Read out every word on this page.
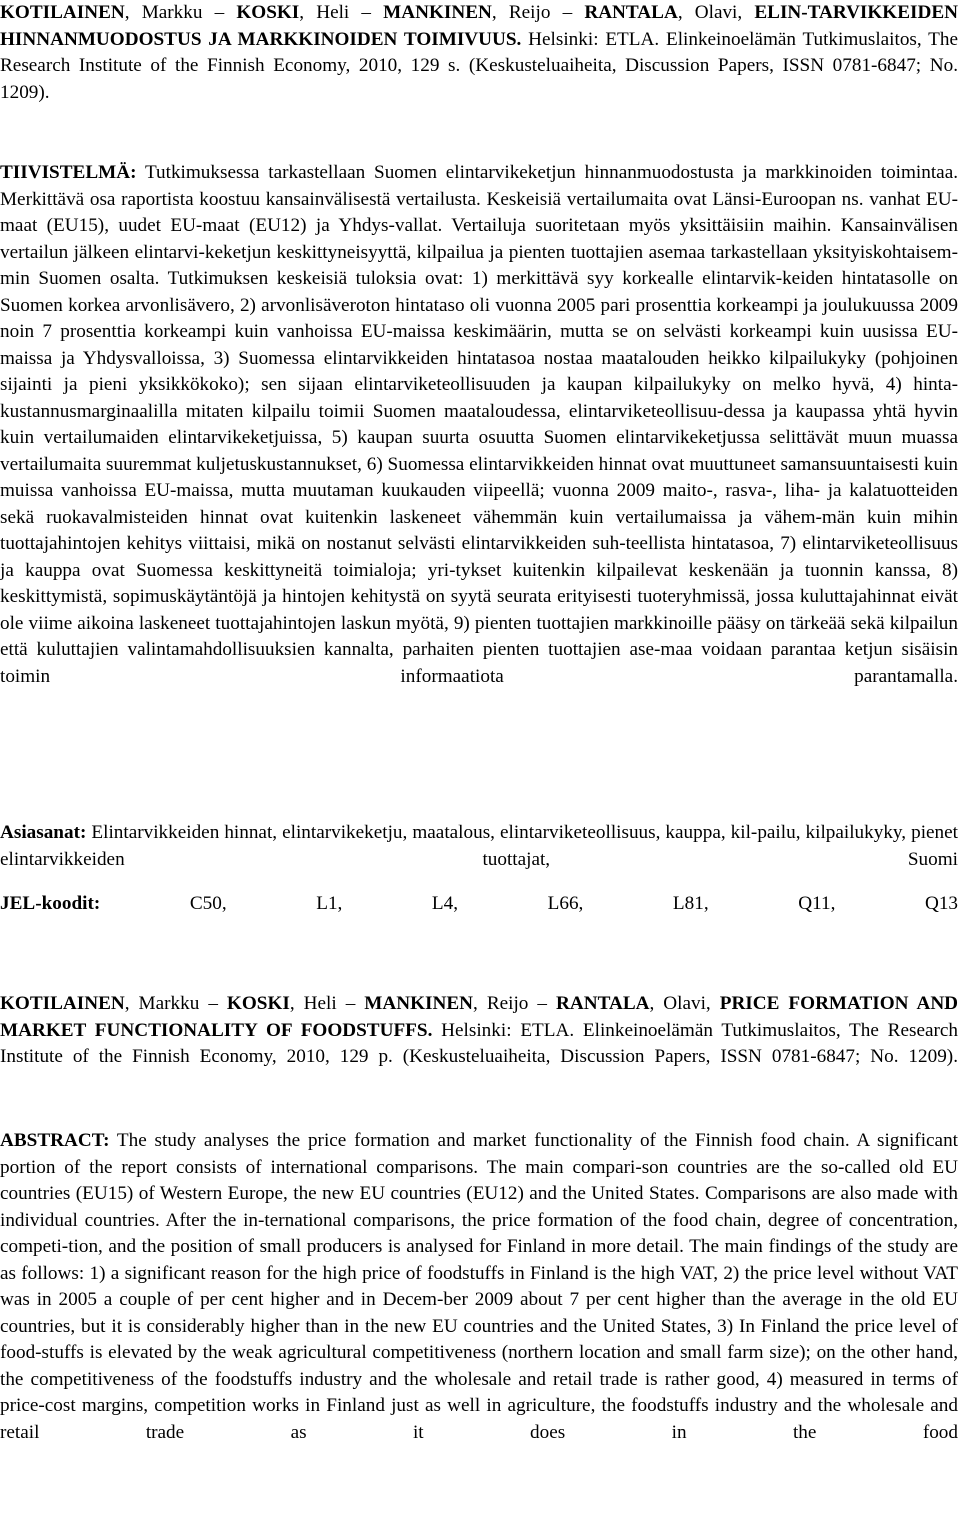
KOTILAINEN, Markku – KOSKI, Heli – MANKINEN, Reijo – RANTALA, Olavi, ELIN-TARVIKKEIDEN HINNANMUODOSTUS JA MARKKINOIDEN TOIMIVUUS. Helsinki: ETLA. Elinkeinoelämän Tutkimuslaitos, The Research Institute of the Finnish Economy, 2010, 129 s. (Keskusteluaiheita, Discussion Papers, ISSN 0781-6847; No. 1209).

TIIVISTELMÄ: Tutkimuksessa tarkastellaan Suomen elintarvikeketjun hinnanmuodostusta ja markkinoiden toimintaa. Merkittävä osa raportista koostuu kansainvälisestä vertailusta. Keskeisiä vertailumaita ovat Länsi-Euroopan ns. vanhat EU-maat (EU15), uudet EU-maat (EU12) ja Yhdys-vallat. Vertailuja suoritetaan myös yksittäisiin maihin. Kansainvälisen vertailun jälkeen elintarvi-keketjun keskittyneisyyttä, kilpailua ja pienten tuottajien asemaa tarkastellaan yksityiskohtaisem-min Suomen osalta. Tutkimuksen keskeisiä tuloksia ovat: 1) merkittävä syy korkealle elintarvik-keiden hintatasolle on Suomen korkea arvonlisävero, 2) arvonlisäveroton hintataso oli vuonna 2005 pari prosenttia korkeampi ja joulukuussa 2009 noin 7 prosenttia korkeampi kuin vanhoissa EU-maissa keskimäärin, mutta se on selvästi korkeampi kuin uusissa EU-maissa ja Yhdysvalloissa, 3) Suomessa elintarvikkeiden hintatasoa nostaa maatalouden heikko kilpailukyky (pohjoinen sijainti ja pieni yksikkökoko); sen sijaan elintarviketeollisuuden ja kaupan kilpailukyky on melko hyvä, 4) hinta-kustannusmarginaalilla mitaten kilpailu toimii Suomen maataloudessa, elintarviketeollisuu-dessa ja kaupassa yhtä hyvin kuin vertailumaiden elintarvikeketjuissa, 5) kaupan suurta osuutta Suomen elintarvikeketjussa selittävät muun muassa vertailumaita suuremmat kuljetuskustannukset, 6) Suomessa elintarvikkeiden hinnat ovat muuttuneet samansuuntaisesti kuin muissa vanhoissa EU-maissa, mutta muutaman kuukauden viipeellä; vuonna 2009 maito-, rasva-, liha- ja kalatuotteiden sekä ruokavalmisteiden hinnat ovat kuitenkin laskeneet vähemmän kuin vertailumaissa ja vähem-män kuin mihin tuottajahintojen kehitys viittaisi, mikä on nostanut selvästi elintarvikkeiden suh-teellista hintatasoa, 7) elintarviketeollisuus ja kauppa ovat Suomessa keskittyneitä toimialoja; yri-tykset kuitenkin kilpailevat keskenään ja tuonnin kanssa, 8) keskittymistä, sopimuskäytäntöjä ja hintojen kehitystä on syytä seurata erityisesti tuoteryhmissä, jossa kuluttajahinnat eivät ole viime aikoina laskeneet tuottajahintojen laskun myötä, 9) pienten tuottajien markkinoille pääsy on tärkeää sekä kilpailun että kuluttajien valintamahdollisuuksien kannalta, parhaiten pienten tuottajien ase-maa voidaan parantaa ketjun sisäisin toimin informaatiota parantamalla.

Asiasanat: Elintarvikkeiden hinnat, elintarvikeketju, maatalous, elintarviketeollisuus, kauppa, kil-pailu, kilpailukyky, pienet elintarvikkeiden tuottajat, Suomi

JEL-koodit:	C50, L1, L4, L66, L81, Q11, Q13

KOTILAINEN, Markku – KOSKI, Heli – MANKINEN, Reijo – RANTALA, Olavi, PRICE FORMATION AND MARKET FUNCTIONALITY OF FOODSTUFFS. Helsinki: ETLA. Elinkeinoelämän Tutkimuslaitos, The Research Institute of the Finnish Economy, 2010, 129 p. (Keskusteluaiheita, Discussion Papers, ISSN 0781-6847; No. 1209).

ABSTRACT: The study analyses the price formation and market functionality of the Finnish food chain. A significant portion of the report consists of international comparisons. The main compari-son countries are the so-called old EU countries (EU15) of Western Europe, the new EU countries (EU12) and the United States. Comparisons are also made with individual countries. After the in-ternational comparisons, the price formation of the food chain, degree of concentration, competi-tion, and the position of small producers is analysed for Finland in more detail. The main findings of the study are as follows: 1) a significant reason for the high price of foodstuffs in Finland is the high VAT, 2) the price level without VAT was in 2005 a couple of per cent higher and in Decem-ber 2009 about 7 per cent higher than the average in the old EU countries, but it is considerably higher than in the new EU countries and the United States, 3) In Finland the price level of food-stuffs is elevated by the weak agricultural competitiveness (northern location and small farm size); on the other hand, the competitiveness of the foodstuffs industry and the wholesale and retail trade is rather good, 4) measured in terms of price-cost margins, competition works in Finland just as well in agriculture, the foodstuffs industry and the wholesale and retail trade as it does in the food
